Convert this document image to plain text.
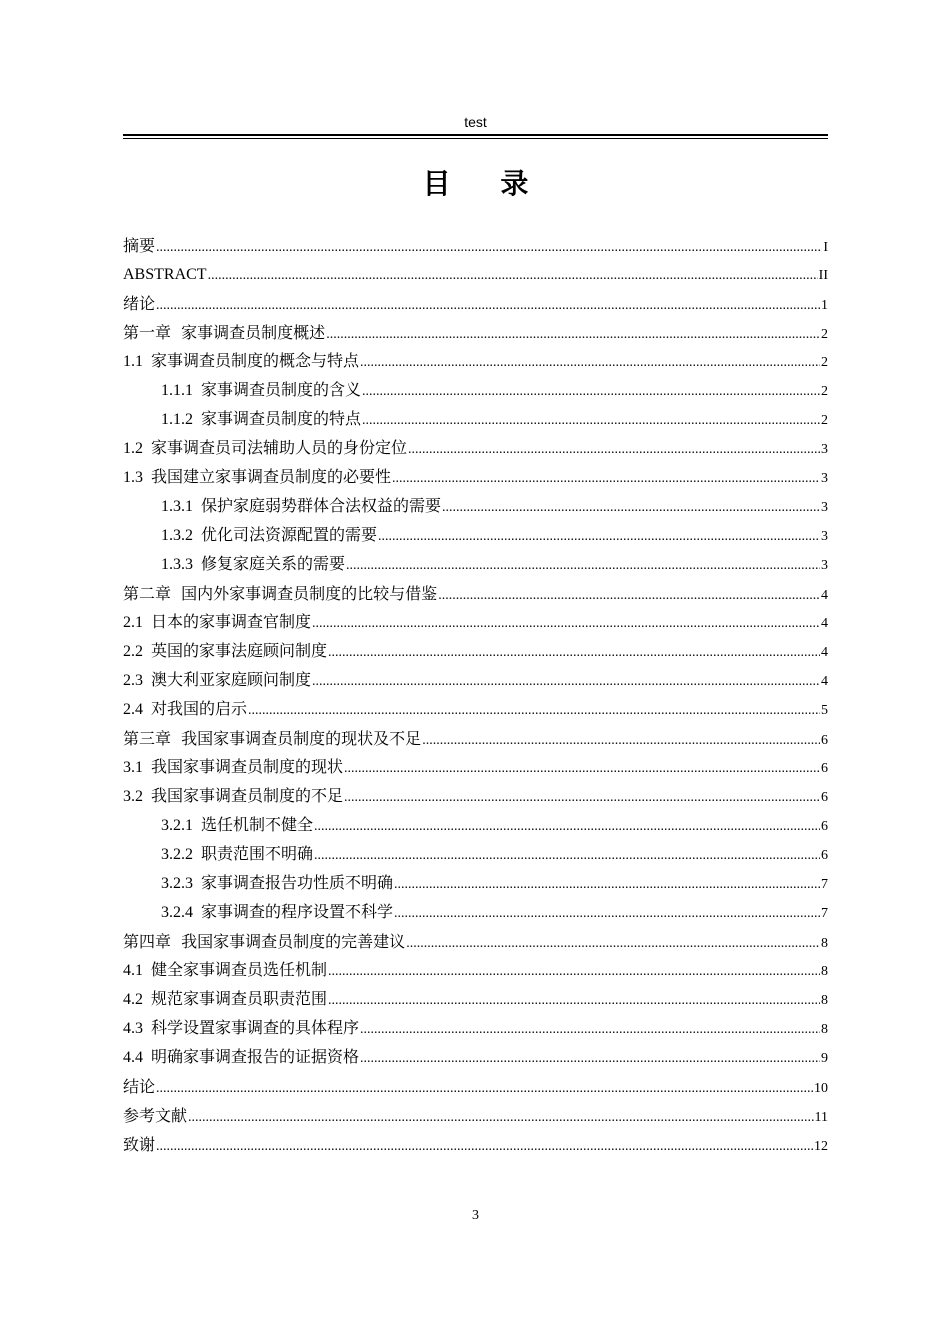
test
目 录
摘要 .....	I
ABSTRACT .....	II
绪论 .....	1
第一章  家事调查员制度概述 .....	2
1.1  家事调查员制度的概念与特点 .....	2
1.1.1  家事调查员制度的含义 .....	2
1.1.2  家事调查员制度的特点 .....	2
1.2  家事调查员司法辅助人员的身份定位 .....	3
1.3  我国建立家事调查员制度的必要性 .....	3
1.3.1  保护家庭弱势群体合法权益的需要 .....	3
1.3.2  优化司法资源配置的需要 .....	3
1.3.3  修复家庭关系的需要 .....	3
第二章  国内外家事调查员制度的比较与借鉴 .....	4
2.1  日本的家事调查官制度 .....	4
2.2  英国的家事法庭顾问制度 .....	4
2.3  澳大利亚家庭顾问制度 .....	4
2.4  对我国的启示 .....	5
第三章  我国家事调查员制度的现状及不足 .....	6
3.1  我国家事调查员制度的现状 .....	6
3.2  我国家事调查员制度的不足 .....	6
3.2.1  选任机制不健全 .....	6
3.2.2  职责范围不明确 .....	6
3.2.3  家事调查报告功性质不明确 .....	7
3.2.4  家事调查的程序设置不科学 .....	7
第四章  我国家事调查员制度的完善建议 .....	8
4.1  健全家事调查员选任机制 .....	8
4.2  规范家事调查员职责范围 .....	8
4.3  科学设置家事调查的具体程序 .....	8
4.4  明确家事调查报告的证据资格 .....	9
结论 .....	10
参考文献 .....	11
致谢 .....	12
3
